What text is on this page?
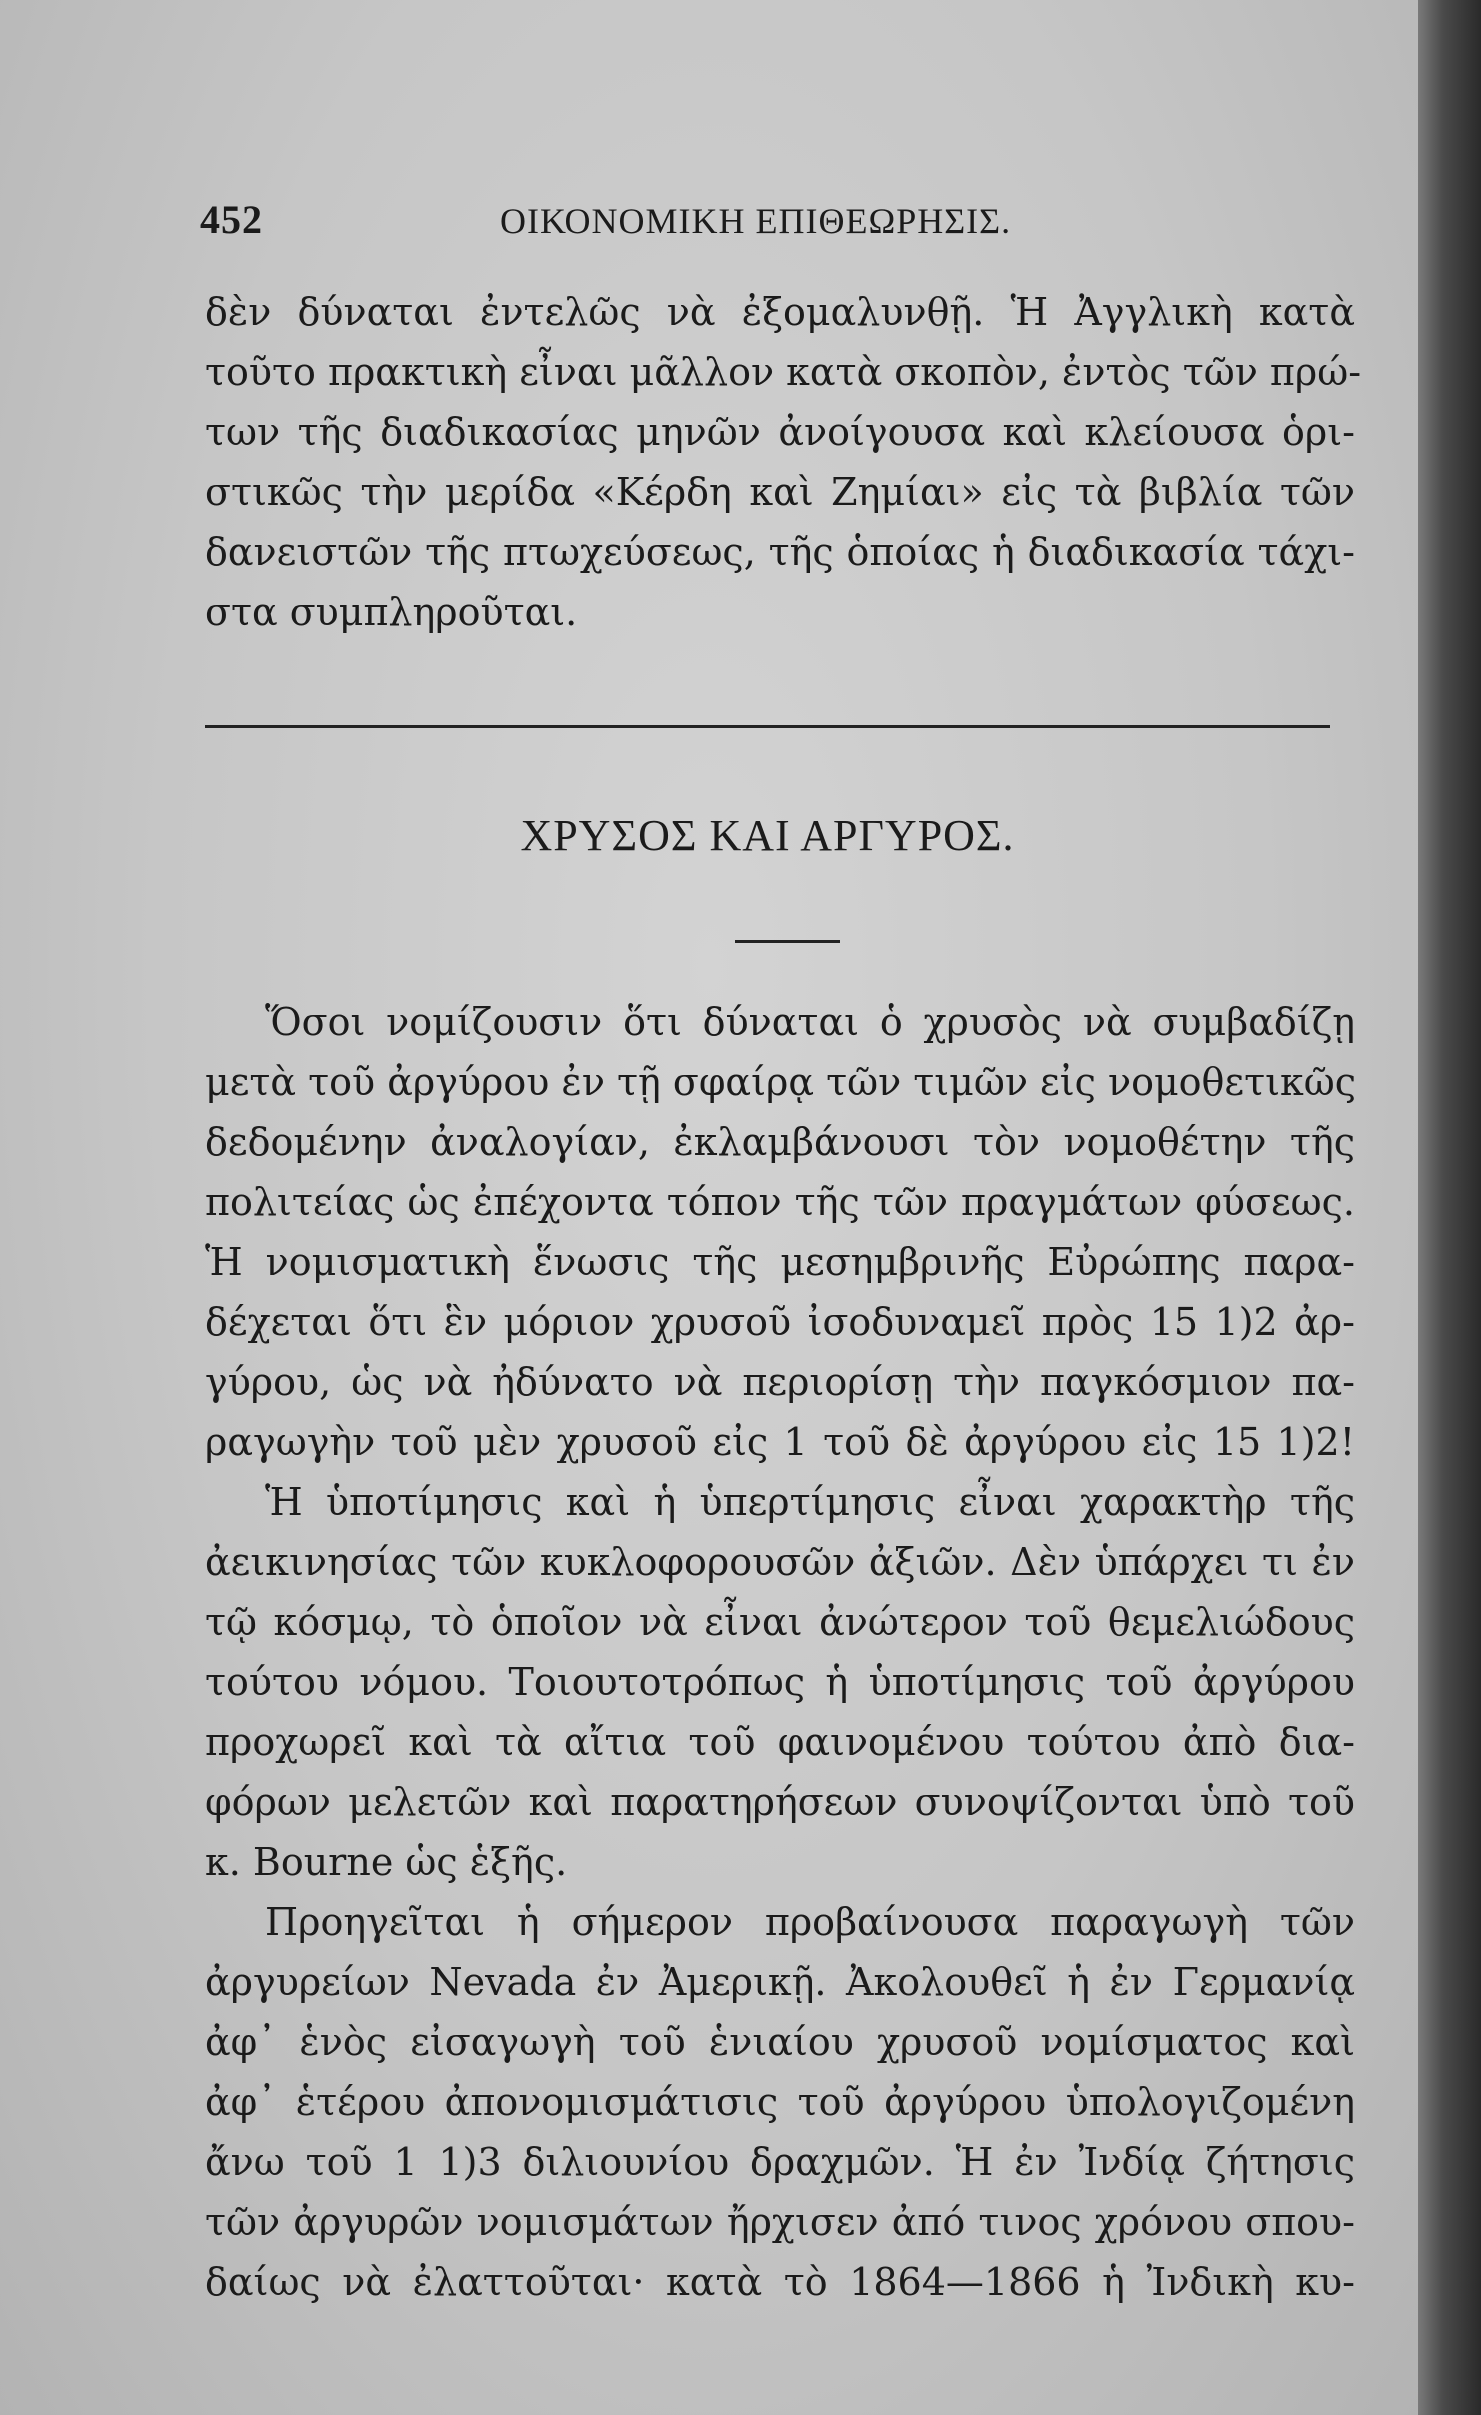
452	ΟΙΚΟΝΟΜΙΚΗ ΕΠΙΘΕΩΡΗΣΙΣ.
δὲν δύναται ἐντελῶς νὰ ἐξομαλυνθῇ. Ἡ Ἀγγλικὴ κατὰ
τοῦτο πρακτικὴ εἶναι μᾶλλον κατὰ σκοπὸν, ἐντὸς τῶν πρώ-
των τῆς διαδικασίας μηνῶν ἀνοίγουσα καὶ κλείουσα ὁρι-
στικῶς τὴν μερίδα «Κέρδη καὶ Ζημίαι» εἰς τὰ βιβλία τῶν
δανειστῶν τῆς πτωχεύσεως, τῆς ὁποίας ἡ διαδικασία τάχι-
στα συμπληροῦται.
ΧΡΥΣΟΣ ΚΑΙ ΑΡΓΥΡΟΣ.
Ὅσοι νομίζουσιν ὅτι δύναται ὁ χρυσὸς νὰ συμβαδίζῃ
μετὰ τοῦ ἀργύρου ἐν τῇ σφαίρᾳ τῶν τιμῶν εἰς νομοθετικῶς
δεδομένην ἀναλογίαν, ἐκλαμβάνουσι τὸν νομοθέτην τῆς
πολιτείας ὡς ἐπέχοντα τόπον τῆς τῶν πραγμάτων φύσεως.
Ἡ νομισματικὴ ἕνωσις τῆς μεσημβρινῆς Εὐρώπης παρα-
δέχεται ὅτι ἓν μόριον χρυσοῦ ἰσοδυναμεῖ πρὸς 15 1)2 ἀρ-
γύρου, ὡς νὰ ἠδύνατο νὰ περιορίσῃ τὴν παγκόσμιον πα-
ραγωγὴν τοῦ μὲν χρυσοῦ εἰς 1 τοῦ δὲ ἀργύρου εἰς 15 1)2!
Ἡ ὑποτίμησις καὶ ἡ ὑπερτίμησις εἶναι χαρακτὴρ τῆς
ἀεικινησίας τῶν κυκλοφορουσῶν ἀξιῶν. Δὲν ὑπάρχει τι ἐν
τῷ κόσμῳ, τὸ ὁποῖον νὰ εἶναι ἀνώτερον τοῦ θεμελιώδους
τούτου νόμου. Τοιουτοτρόπως ἡ ὑποτίμησις τοῦ ἀργύρου
προχωρεῖ καὶ τὰ αἴτια τοῦ φαινομένου τούτου ἀπὸ δια-
φόρων μελετῶν καὶ παρατηρήσεων συνοψίζονται ὑπὸ τοῦ
κ. Bourne ὡς ἑξῆς.
Προηγεῖται ἡ σήμερον προβαίνουσα παραγωγὴ τῶν
ἀργυρείων Nevada ἐν Ἀμερικῇ. Ἀκολουθεῖ ἡ ἐν Γερμανίᾳ
ἀφ᾽ ἑνὸς εἰσαγωγὴ τοῦ ἑνιαίου χρυσοῦ νομίσματος καὶ
ἀφ᾽ ἑτέρου ἀπονομισμάτισις τοῦ ἀργύρου ὑπολογιζομένη
ἄνω τοῦ 1 1)3 διλιουνίου δραχμῶν. Ἡ ἐν Ἰνδίᾳ ζήτησις
τῶν ἀργυρῶν νομισμάτων ἤρχισεν ἀπό τινος χρόνου σπου-
δαίως νὰ ἐλαττοῦται· κατὰ τὸ 1864—1866 ἡ Ἰνδικὴ κυ-
